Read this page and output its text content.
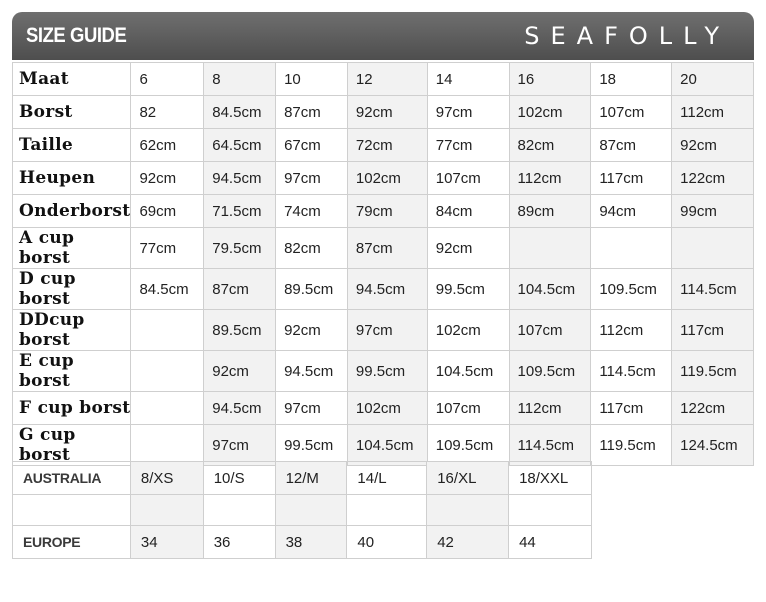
SIZE GUIDE	SEAFOLLY
Maat	6	8	10	12	14	16	18	20
Borst	82	84.5cm	87cm	92cm	97cm	102cm	107cm	112cm
Taille	62cm	64.5cm	67cm	72cm	77cm	82cm	87cm	92cm
Heupen	92cm	94.5cm	97cm	102cm	107cm	112cm	117cm	122cm
Onderborst	69cm	71.5cm	74cm	79cm	84cm	89cm	94cm	99cm
A cup borst	77cm	79.5cm	82cm	87cm	92cm			
D cup borst	84.5cm	87cm	89.5cm	94.5cm	99.5cm	104.5cm	109.5cm	114.5cm
DDcup borst		89.5cm	92cm	97cm	102cm	107cm	112cm	117cm
E cup borst		92cm	94.5cm	99.5cm	104.5cm	109.5cm	114.5cm	119.5cm
F cup borst		94.5cm	97cm	102cm	107cm	112cm	117cm	122cm
G cup borst		97cm	99.5cm	104.5cm	109.5cm	114.5cm	119.5cm	124.5cm
AUSTRALIA	8/XS	10/S	12/M	14/L	16/XL	18/XXL

EUROPE	34	36	38	40	42	44
